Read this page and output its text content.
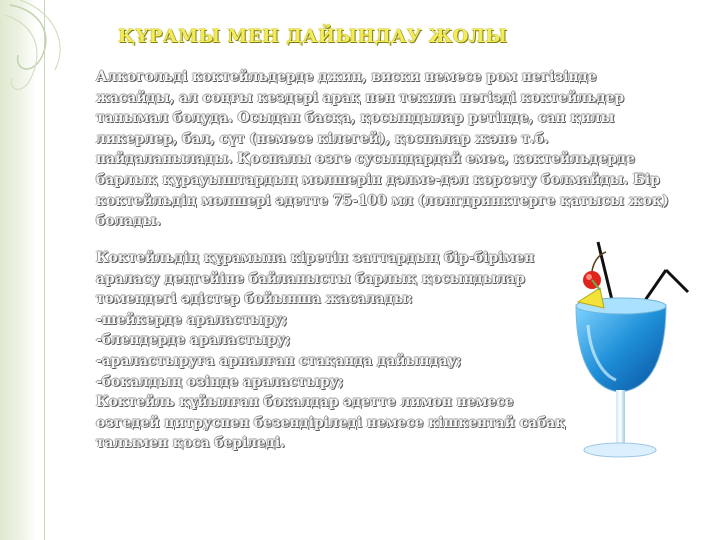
ҚҰРАМЫ МЕН ДАЙЫНДАУ ЖОЛЫ

Алкогольді коктейльдерде джин, виски немесе ром негізінде жасайды, ал соңғы кездері арақ пен текила негізді коктейльдер танымал болуда. Осыдан басқа, қосындылар ретінде, сан қилы ликерлер, бал, сүт (немесе кілегей), қоспалар және т.б. пайдаланылады. Қоспалы өзге сусындардай емес, коктейльдерде барлық құрауыштардың мөлшерін дәлме-дәл көрсету болмайды. Бір коктейльдің мөлшері әдетте 75-100 мл (лонгдринктерге қатысы жоқ) болады.

Коктейльдің құрамына кіретін заттардың бір-бірімен
араласу деңгейіне байланысты барлық қосындылар
төмендегі әдістер бойынша жасалады:
-шейкерде араластыру;
-блендерде араластыру;
-араластыруға арналған стақанда дайындау;
-бокалдың өзінде араластыру;
Коктейль құйылған бокалдар әдетте лимон немесе
өзгедей цитруспен безендіріледі немесе кішкентай сабақ
талымен қоса беріледі.
